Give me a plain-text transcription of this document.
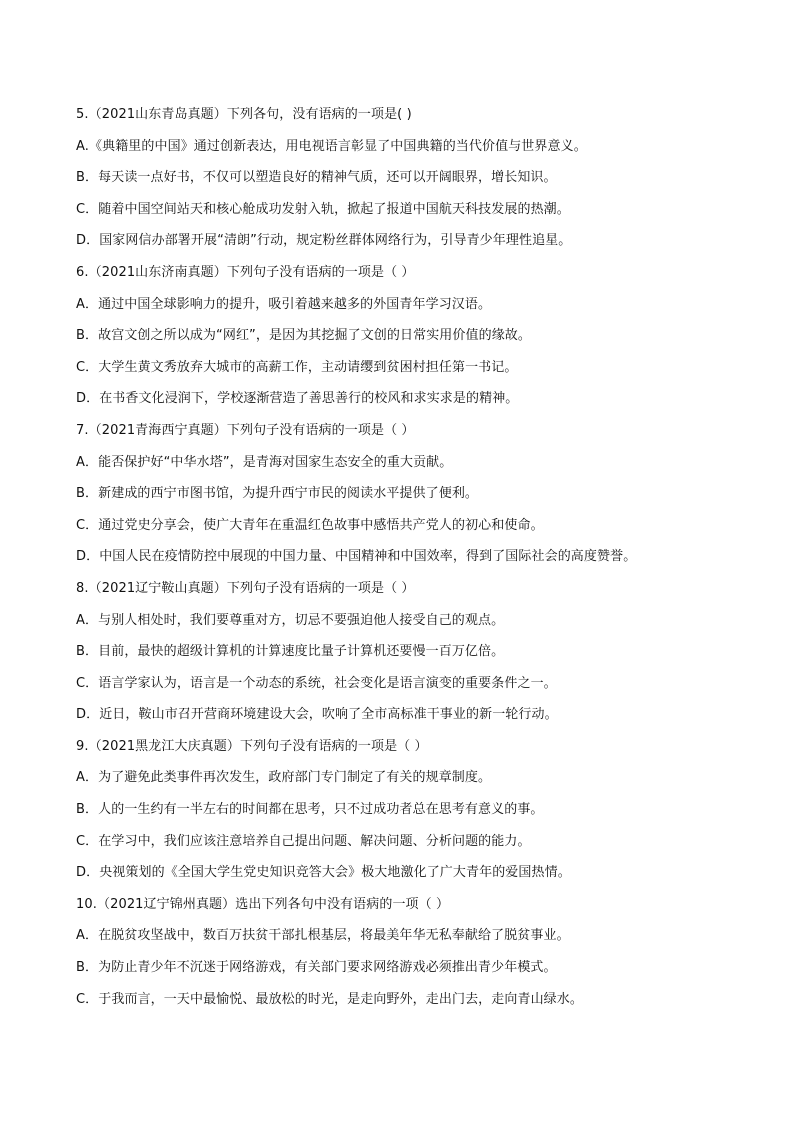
5.（2021山东青岛真题）下列各句，没有语病的一项是( )
A.《典籍里的中国》通过创新表达，用电视语言彰显了中国典籍的当代价值与世界意义。
B．每天读一点好书，不仅可以塑造良好的精神气质，还可以开阔眼界，增长知识。
C．随着中国空间站天和核心舱成功发射入轨，掀起了报道中国航天科技发展的热潮。
D．国家网信办部署开展“清朗”行动，规定粉丝群体网络行为，引导青少年理性追星。
6.（2021山东济南真题）下列句子没有语病的一项是（ ）
A．通过中国全球影响力的提升，吸引着越来越多的外国青年学习汉语。
B．故宫文创之所以成为“网红”，是因为其挖掘了文创的日常实用价值的缘故。
C．大学生黄文秀放弃大城市的高薪工作，主动请缨到贫困村担任第一书记。
D．在书香文化浸润下，学校逐渐营造了善思善行的校风和求实求是的精神。
7.（2021青海西宁真题）下列句子没有语病的一项是（ ）
A．能否保护好“中华水塔”，是青海对国家生态安全的重大贡献。
B．新建成的西宁市图书馆，为提升西宁市民的阅读水平提供了便利。
C．通过党史分享会，使广大青年在重温红色故事中感悟共产党人的初心和使命。
D．中国人民在疫情防控中展现的中国力量、中国精神和中国效率，得到了国际社会的高度赞誉。
8.（2021辽宁鞍山真题）下列句子没有语病的一项是（ ）
A．与别人相处时，我们要尊重对方，切忌不要强迫他人接受自己的观点。
B．目前，最快的超级计算机的计算速度比量子计算机还要慢一百万亿倍。
C．语言学家认为，语言是一个动态的系统，社会变化是语言演变的重要条件之一。
D．近日，鞍山市召开营商环境建设大会，吹响了全市高标准干事业的新一轮行动。
9.（2021黑龙江大庆真题）下列句子没有语病的一项是（ ）
A．为了避免此类事件再次发生，政府部门专门制定了有关的规章制度。
B．人的一生约有一半左右的时间都在思考，只不过成功者总在思考有意义的事。
C．在学习中，我们应该注意培养自己提出问题、解决问题、分析问题的能力。
D．央视策划的《全国大学生党史知识竞答大会》极大地激化了广大青年的爱国热情。
10.（2021辽宁锦州真题）选出下列各句中没有语病的一项（ ）
A．在脱贫攻坚战中，数百万扶贫干部扎根基层，将最美年华无私奉献给了脱贫事业。
B．为防止青少年不沉迷于网络游戏，有关部门要求网络游戏必须推出青少年模式。
C．于我而言，一天中最愉悦、最放松的时光，是走向野外，走出门去，走向青山绿水。
